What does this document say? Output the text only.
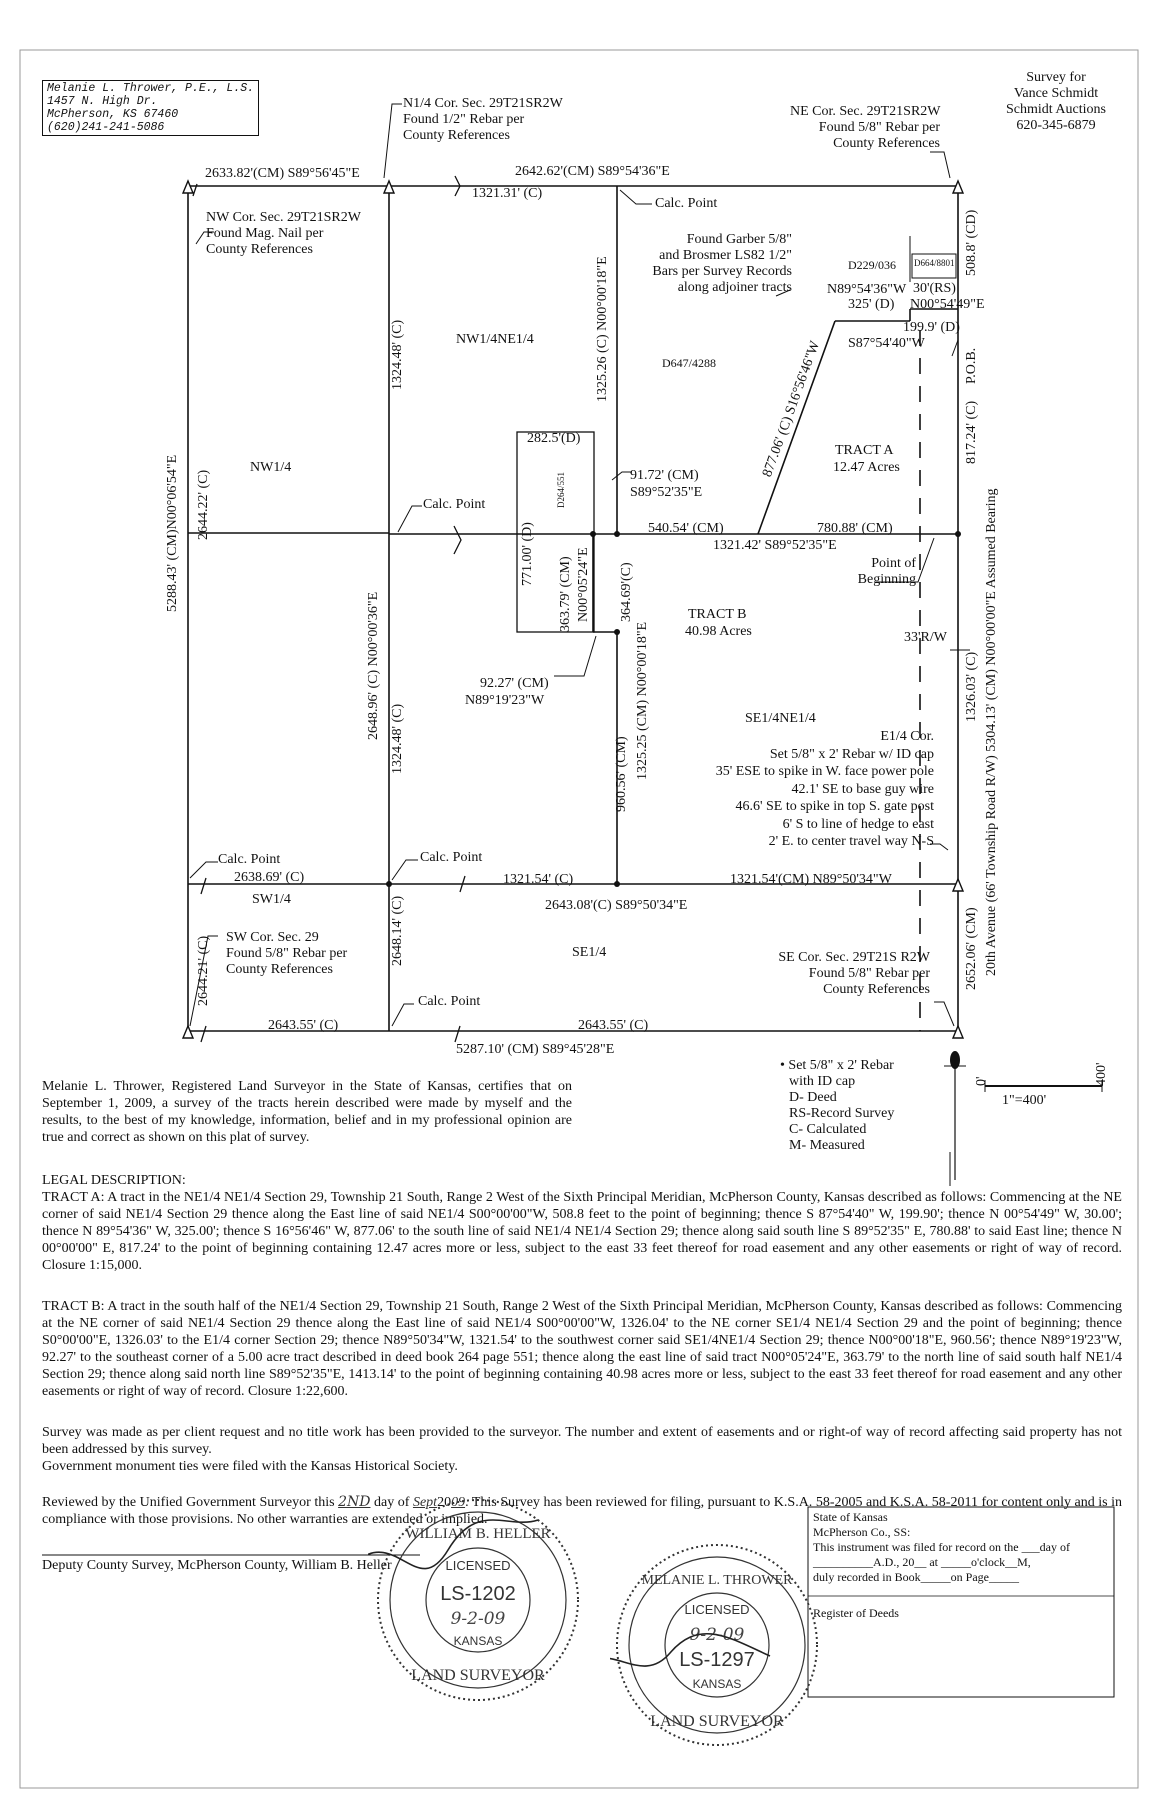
Melanie L. Thrower, P.E., L.S.
1457 N. High Dr.
McPherson, KS 67460
(620)241-241-5086
Survey for
Vance Schmidt
Schmidt Auctions
620-345-6879
N1/4 Cor. Sec. 29T21SR2W
Found 1/2" Rebar per
County References
NE Cor. Sec. 29T21SR2W
Found 5/8" Rebar per
County References
NW Cor. Sec. 29T21SR2W
Found Mag. Nail per
County References
Found Garber 5/8"
and Brosmer LS82 1/2"
Bars per Survey Records
along adjoiner tracts
E1/4 Cor.
Set 5/8" x 2' Rebar w/ ID cap
35' ESE to spike in W. face power pole
42.1' SE to base guy wire
46.6' SE to spike in top S. gate post
6' S to line of hedge to east
2' E. to center travel way N-S
SW Cor. Sec. 29
Found 5/8" Rebar per
County References
SE Cor. Sec. 29T21S R2W
Found 5/8" Rebar per
County References
2633.82'(CM) S89°56'45"E	2642.62'(CM) S89°54'36"E
1321.31' (C)
Calc. Point
D229/036 D664/8801
N89°54'36"W
325' (D)
30'(RS)
N00°54'49"E
199.9' (D)
S87°54'40"W
D647/4288
NW1/4NE1/4
282.5'(D)
NW1/4
91.72' (CM)
S89°52'35"E
TRACT A
12.47 Acres
Calc. Point
540.54' (CM)	780.88' (CM)
1321.42' S89°52'35"E
Point of
Beginning
TRACT B
40.98 Acres	33'R/W
92.27' (CM)
N89°19'23"W
SE1/4NE1/4
Calc. Point	Calc. Point
2638.69' (C)	1321.54' (C)	1321.54'(CM) N89°50'34"W
SW1/4	2643.08'(C) S89°50'34"E
SE1/4
Calc. Point
2643.55' (C)	2643.55' (C)
5287.10' (CM) S89°45'28"E
5288.43' (CM)N00°06'54"E 2644.22' (C)
2644.21' (C)
1324.48' (C)
2648.96' (C) N00°00'36"E 1324.48' (C)
2648.14' (C)
1325.26 (C) N00°00'18"E
D264/551
771.00' (D)
363.79' (CM) N00°05'24"E 364.69'(C)
1325.25 (CM) N00°00'18"E
960.56' (CM)
877.06' (C) S16°56'46"W
508.8' (CD)
P.O.B.
817.24' (C)
1326.03' (C) 20th Avenue (66' Township Road R/W) 5304.13' (CM) N00°00'00"E Assumed Bearing
2652.06' (CM)
• Set 5/8" x 2' Rebar
with ID cap
D- Deed
RS-Record Survey
C- Calculated
M- Measured
0'	400'
1"=400'
Melanie L. Thrower, Registered Land Surveyor in the State of Kansas, certifies that on September 1, 2009, a survey of the tracts herein described were made by myself and the results, to the best of my knowledge, information, belief and in my professional opinion are true and correct as shown on this plat of survey.
LEGAL DESCRIPTION:
TRACT A: A tract in the NE1/4 NE1/4 Section 29, Township 21 South, Range 2 West of the Sixth Principal Meridian, McPherson County, Kansas described as follows: Commencing at the NE corner of said NE1/4 Section 29 thence along the East line of said NE1/4 S00°00'00"W, 508.8 feet to the point of beginning; thence S 87°54'40" W, 199.90'; thence N 00°54'49" W, 30.00'; thence N 89°54'36" W, 325.00'; thence S 16°56'46" W, 877.06' to the south line of said NE1/4 NE1/4 Section 29; thence along said south line S 89°52'35" E, 780.88' to said East line; thence N 00°00'00" E, 817.24' to the point of beginning containing 12.47 acres more or less, subject to the east 33 feet thereof for road easement and any other easements or right of way of record. Closure 1:15,000.
TRACT B: A tract in the south half of the NE1/4 Section 29, Township 21 South, Range 2 West of the Sixth Principal Meridian, McPherson County, Kansas described as follows: Commencing at the NE corner of said NE1/4 Section 29 thence along the East line of said NE1/4 S00°00'00"W, 1326.04' to the NE corner SE1/4 NE1/4 Section 29 and the point of beginning; thence S0°00'00"E, 1326.03' to the E1/4 corner Section 29; thence N89°50'34"W, 1321.54' to the southwest corner said SE1/4NE1/4 Section 29; thence N00°00'18"E, 960.56'; thence N89°19'23"W, 92.27' to the southeast corner of a 5.00 acre tract described in deed book 264 page 551; thence along the east line of said tract N00°05'24"E, 363.79' to the north line of said south half NE1/4 Section 29; thence along said north line S89°52'35"E, 1413.14' to the point of beginning containing 40.98 acres more or less, subject to the east 33 feet thereof for road easement and any other easements or right of way of record. Closure 1:22,600.
Survey was made as per client request and no title work has been provided to the surveyor. The number and extent of easements and or right-of way of record affecting said property has not been addressed by this survey.
Government monument ties were filed with the Kansas Historical Society.
Reviewed by the Unified Government Surveyor this 2ND day of Sept2009. This Survey has been reviewed for filing, pursuant to K.S.A. 58-2005 and K.S.A. 58-2011 for content only and is in compliance with those provisions. No other warranties are extended or implied.
Deputy County Survey, McPherson County, William B. Heller
State of Kansas
McPherson Co., SS:
This instrument was filed for record on the ___day of
__________A.D., 20__ at _____o'clock__M,
duly recorded in Book_____on Page_____
Register of Deeds
WILLIAM B. HELLER
LICENSED
LS-1202
9-2-09
KANSAS
LAND SURVEYOR
MELANIE L. THROWER
LICENSED
9-2-09
LS-1297
KANSAS
LAND SURVEYOR
